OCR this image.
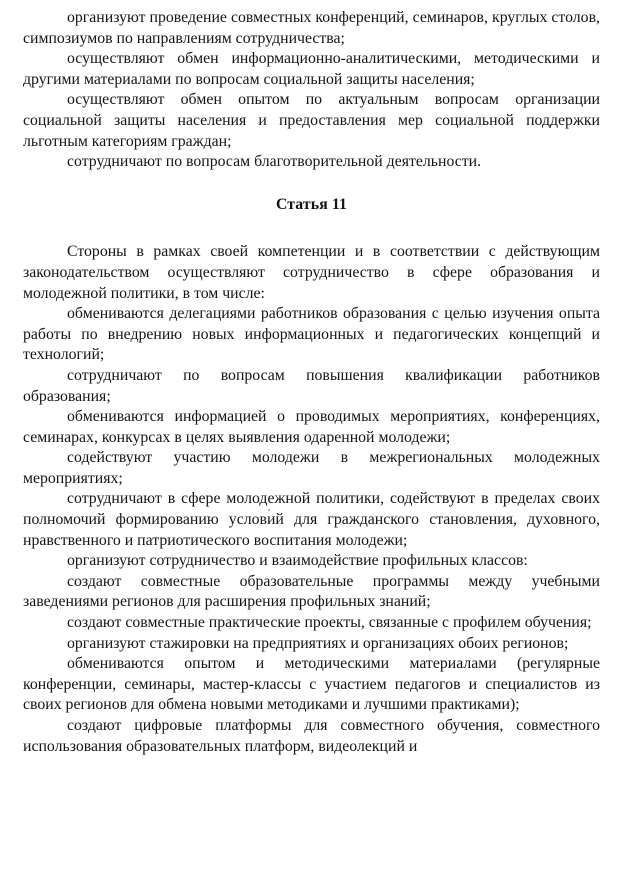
организуют проведение совместных конференций, семинаров, круглых столов, симпозиумов по направлениям сотрудничества;

осуществляют обмен информационно-аналитическими, методическими и другими материалами по вопросам социальной защиты населения;

осуществляют обмен опытом по актуальным вопросам организации социальной защиты населения и предоставления мер социальной поддержки льготным категориям граждан;

сотрудничают по вопросам благотворительной деятельности.

Статья 11

Стороны в рамках своей компетенции и в соответствии с действующим законодательством осуществляют сотрудничество в сфере образования и молодежной политики, в том числе:

обмениваются делегациями работников образования с целью изучения опыта работы по внедрению новых информационных и педагогических концепций и технологий;

сотрудничают по вопросам повышения квалификации работников образования;

обмениваются информацией о проводимых мероприятиях, конференциях, семинарах, конкурсах в целях выявления одаренной молодежи;

содействуют участию молодежи в межрегиональных молодежных мероприятиях;

сотрудничают в сфере молодежной политики, содействуют в пределах своих полномочий формированию условий для гражданского становления, духовного, нравственного и патриотического воспитания молодежи;

организуют сотрудничество и взаимодействие профильных классов:

создают совместные образовательные программы между учебными заведениями регионов для расширения профильных знаний;

создают совместные практические проекты, связанные с профилем обучения;

организуют стажировки на предприятиях и организациях обоих регионов;

обмениваются опытом и методическими материалами (регулярные конференции, семинары, мастер-классы с участием педагогов и специалистов из своих регионов для обмена новыми методиками и лучшими практиками);

создают цифровые платформы для совместного обучения, совместного использования образовательных платформ, видеолекций и
